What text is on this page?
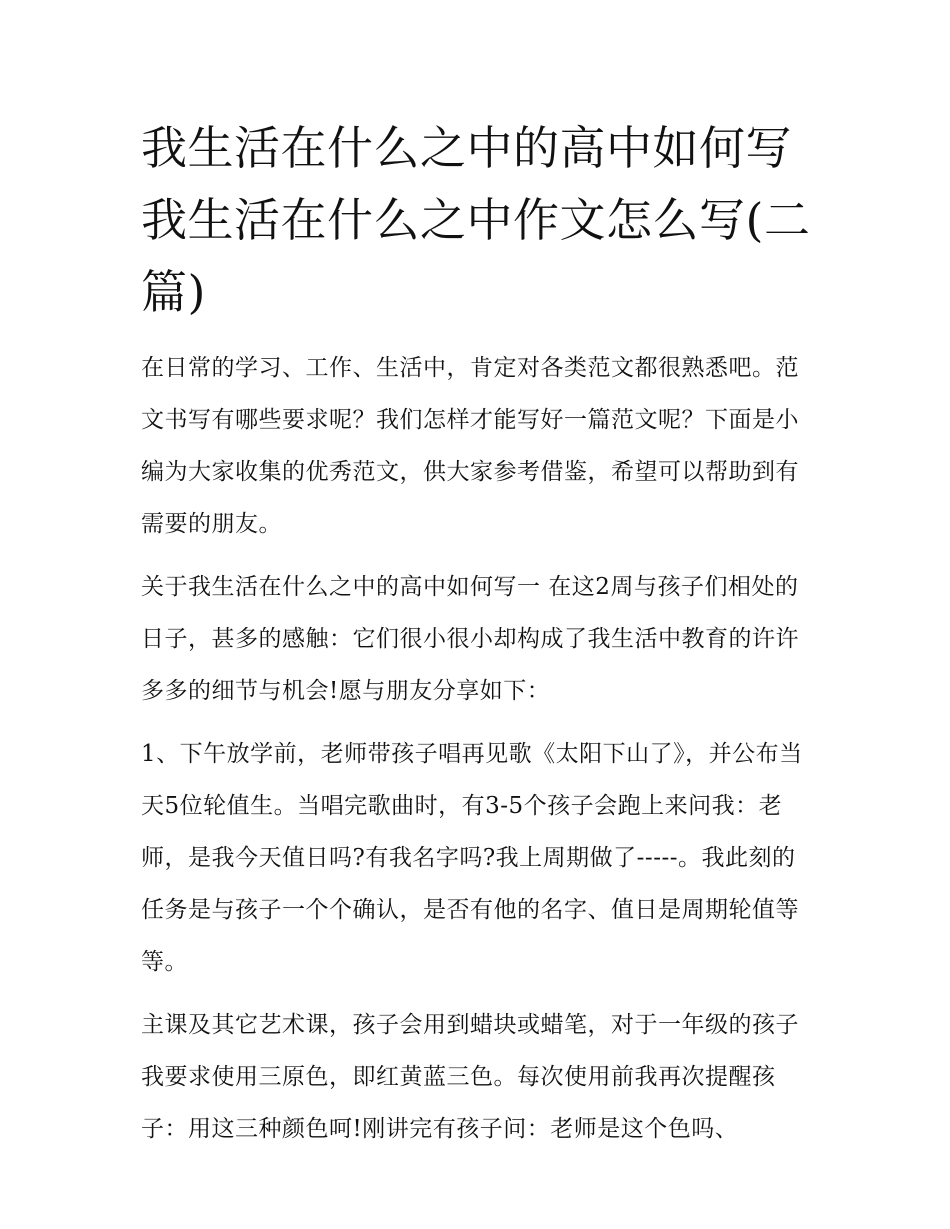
我生活在什么之中的高中如何写 我生活在什么之中作文怎么写(二篇)

在日常的学习、工作、生活中，肯定对各类范文都很熟悉吧。范文书写有哪些要求呢？我们怎样才能写好一篇范文呢？下面是小编为大家收集的优秀范文，供大家参考借鉴，希望可以帮助到有需要的朋友。

关于我生活在什么之中的高中如何写一 在这2周与孩子们相处的日子，甚多的感触：它们很小很小却构成了我生活中教育的许许多多的细节与机会!愿与朋友分享如下：

1、下午放学前，老师带孩子唱再见歌《太阳下山了》，并公布当天5位轮值生。当唱完歌曲时，有3-5个孩子会跑上来问我：老师，是我今天值日吗?有我名字吗?我上周期做了-----。我此刻的任务是与孩子一个个确认，是否有他的名字、值日是周期轮值等等。

主课及其它艺术课，孩子会用到蜡块或蜡笔，对于一年级的孩子我要求使用三原色，即红黄蓝三色。每次使用前我再次提醒孩子：用这三种颜色呵!刚讲完有孩子问：老师是这个色吗、
